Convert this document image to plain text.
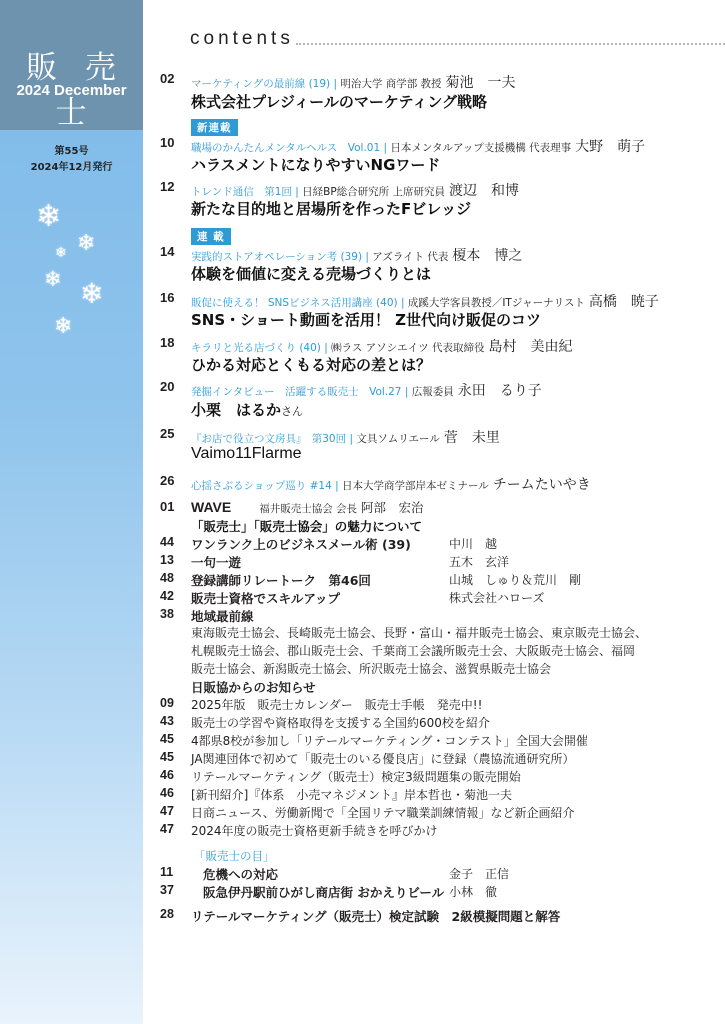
販 売 士
2024 December
第55号
2024年12月発行
❄
❄
❄
❄ ❄
❄
contents
02	マーケティングの最前線 (19) | 明治大学 商学部 教授 菊池　一夫
株式会社プレジィールのマーケティング戦略
新連載
10	職場のかんたんメンタルヘルス　Vol.01 | 日本メンタルアップ支援機構 代表理事 大野　萌子
ハラスメントになりやすいNGワード
12	トレンド通信　第1回 | 日経BP総合研究所 上席研究員 渡辺　和博
新たな目的地と居場所を作ったFビレッジ
連 載
14	実践的ストアオペレーション考 (39) | アズライト 代表 榎本　博之
体験を価値に変える売場づくりとは
16	販促に使える！ SNSビジネス活用講座 (40) | 成蹊大学客員教授／ITジャーナリスト 高橋　暁子
SNS・ショート動画を活用！ Z世代向け販促のコツ
18	キラリと光る店づくり (40) | ㈱ラス アソシエイツ 代表取締役 島村　美由紀
ひかる対応とくもる対応の差とは？
20	発掘インタビュー　活躍する販売士　Vol.27 | 広報委員 永田　るり子
小栗　はるかさん
25	『お店で役立つ文房具』　第30回 | 文具ソムリエール 菅　未里
Vaimo11Flarme
26	心揺さぶるショップ巡り #14 | 日本大学商学部岸本ゼミナール チームたいやき
01	WAVE	福井販売士協会 会長 阿部　宏治
「販売士」「販売士協会」の魅力について
44	ワンランク上のビジネスメール術 (39)	中川　越
13	一句一遊	五木　玄洋
48	登録講師リレートーク　第46回	山城　しゅり＆荒川　剛
42	販売士資格でスキルアップ	株式会社ハローズ
38	地域最前線
東海販売士協会、長崎販売士協会、長野・富山・福井販売士協会、東京販売士協会、
札幌販売士協会、郡山販売士会、千葉商工会議所販売士会、大阪販売士協会、福岡
販売士協会、新潟販売士協会、所沢販売士協会、滋賀県販売士協会
日販協からのお知らせ
09	2025年版　販売士カレンダー　販売士手帳　発売中!!
43	販売士の学習や資格取得を支援する全国約600校を紹介
45	4都県8校が参加し「リテールマーケティング・コンテスト」全国大会開催
45	JA関連団体で初めて「販売士のいる優良店」に登録（農協流通研究所）
46	リテールマーケティング（販売士）検定3級問題集の販売開始
46	[新刊紹介]『体系　小売マネジメント』岸本哲也・菊池一夫
47	日商ニュース、労働新聞で「全国リテマ職業訓練情報」など新企画紹介
47	2024年度の販売士資格更新手続きを呼びかけ
「販売士の目」
11	危機への対応	金子　正信
37	阪急伊丹駅前ひがし商店街 おかえりビール 小林　徹
28	リテールマーケティング（販売士）検定試験　2級模擬問題と解答
